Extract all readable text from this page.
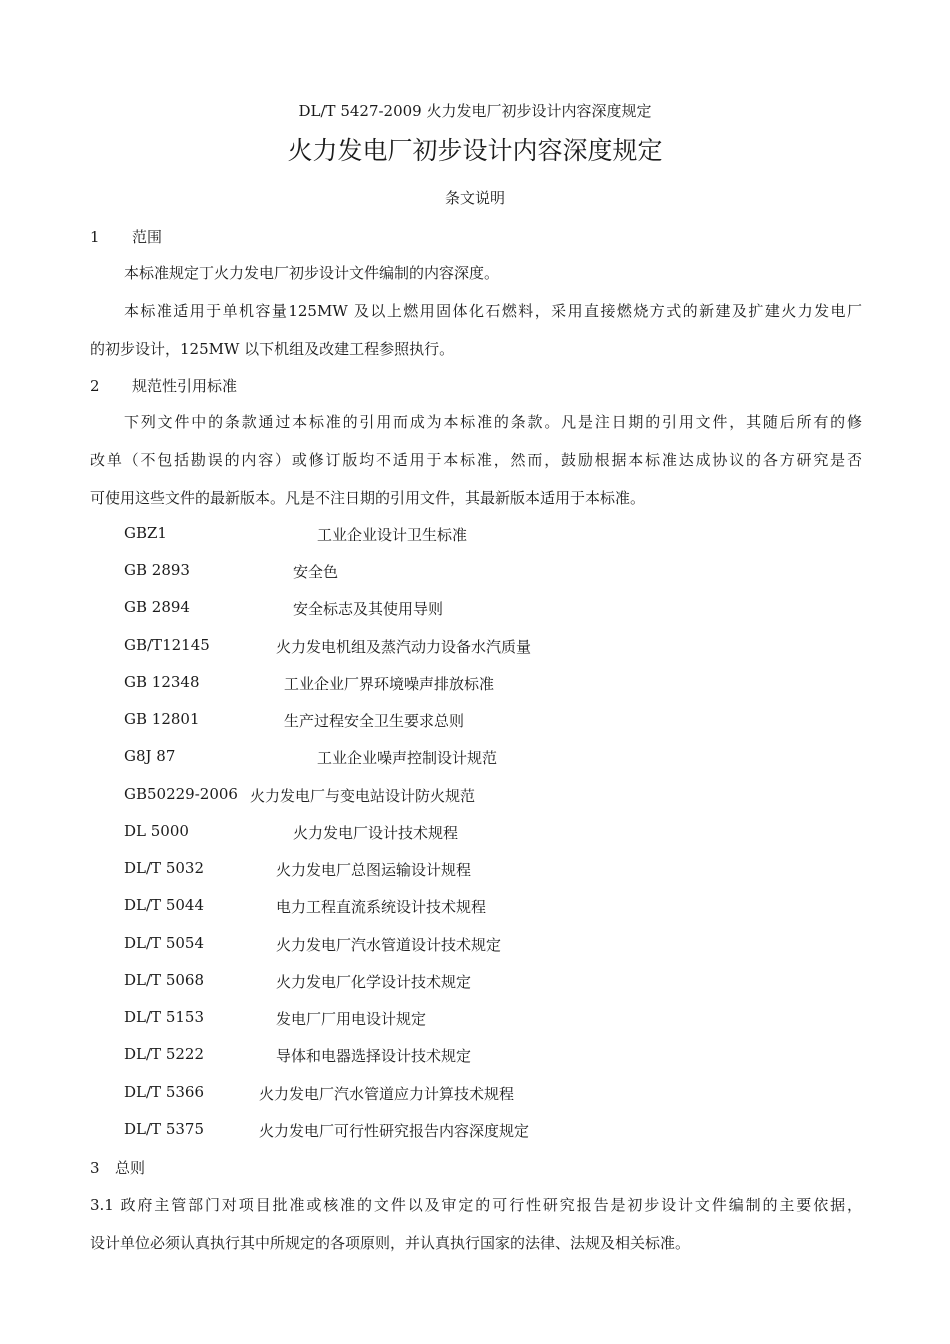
DL/T 5427-2009 火力发电厂初步设计内容深度规定
火力发电厂初步设计内容深度规定
条文说明
1 范围
本标准规定丁火力发电厂初步设计文件编制的内容深度。
本标准适用于单机容量125MW 及以上燃用固体化石燃料，采用直接燃烧方式的新建及扩建火力发电厂
的初步设计，125MW 以下机组及改建工程参照执行。
2 规范性引用标准
下列文件中的条款通过本标准的引用而成为本标准的条款。凡是注日期的引用文件，其随后所有的修
改单（不包括勘误的内容）或修订版均不适用于本标准，然而，鼓励根据本标准达成协议的各方研究是否
可使用这些文件的最新版本。凡是不注日期的引用文件，其最新版本适用于本标准。
GBZ1	工业企业设计卫生标准
GB 2893	安全色
GB 2894	安全标志及其使用导则
GB/T12145	火力发电机组及蒸汽动力设备水汽质量
GB 12348	工业企业厂界环境噪声排放标准
GB 12801	生产过程安全卫生要求总则
G8J 87	工业企业噪声控制设计规范
GB50229-2006 火力发电厂与变电站设计防火规范
DL 5000	火力发电厂设计技术规程
DL/T 5032	火力发电厂总图运输设计规程
DL/T 5044	电力工程直流系统设计技术规程
DL/T 5054	火力发电厂汽水管道设计技术规定
DL/T 5068	火力发电厂化学设计技术规定
DL/T 5153	发电厂厂用电设计规定
DL/T 5222	导体和电器选择设计技术规定
DL/T 5366	火力发电厂汽水管道应力计算技术规程
DL/T 5375	火力发电厂可行性研究报告内容深度规定
3 总则
3.1 政府主管部门对项目批准或核准的文件以及审定的可行性研究报告是初步设计文件编制的主要依据，
设计单位必须认真执行其中所规定的各项原则，并认真执行国家的法律、法规及相关标准。
